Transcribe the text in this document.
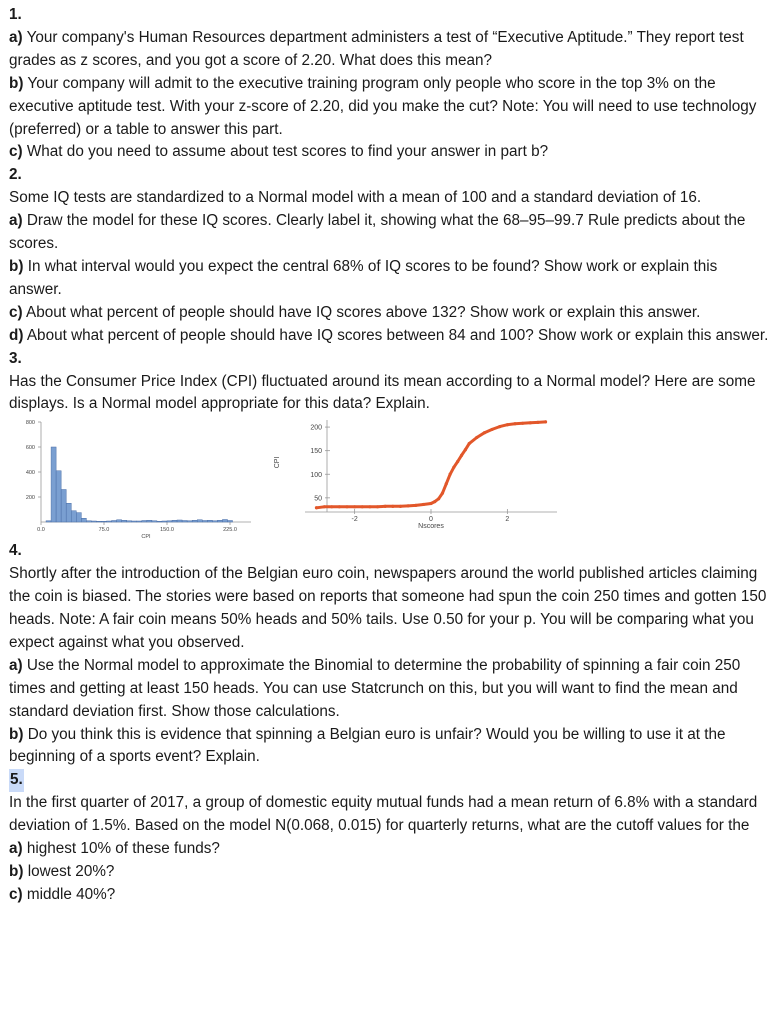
1.

a) Your company's Human Resources department administers a test of “Executive Aptitude.” They report test grades as z scores, and you got a score of 2.20. What does this mean?

b) Your company will admit to the executive training program only people who score in the top 3% on the executive aptitude test. With your z-score of 2.20, did you make the cut? Note: You will need to use technology (preferred) or a table to answer this part.

c) What do you need to assume about test scores to find your answer in part b?

2.

Some IQ tests are standardized to a Normal model with a mean of 100 and a standard deviation of 16.

a) Draw the model for these IQ scores. Clearly label it, showing what the 68–95–99.7 Rule predicts about the scores.

b) In what interval would you expect the central 68% of IQ scores to be found? Show work or explain this answer.

c) About what percent of people should have IQ scores above 132? Show work or explain this answer.

d) About what percent of people should have IQ scores between 84 and 100? Show work or explain this answer.

3.

Has the Consumer Price Index (CPI) fluctuated around its mean according to a Normal model? Here are some displays. Is a Normal model appropriate for this data? Explain.

200
400
600
800
0.0	75.0	150.0	225.0
CPI
50
100
150
200
CPI
-2	0	2
Nscores

4.

Shortly after the introduction of the Belgian euro coin, newspapers around the world published articles claiming the coin is biased. The stories were based on reports that someone had spun the coin 250 times and gotten 150 heads. Note: A fair coin means 50% heads and 50% tails. Use 0.50 for your p. You will be comparing what you expect against what you observed.

a) Use the Normal model to approximate the Binomial to determine the probability of spinning a fair coin 250 times and getting at least 150 heads. You can use Statcrunch on this, but you will want to find the mean and standard deviation first. Show those calculations.

b) Do you think this is evidence that spinning a Belgian euro is unfair? Would you be willing to use it at the beginning of a sports event? Explain.

5.

In the first quarter of 2017, a group of domestic equity mutual funds had a mean return of 6.8% with a standard deviation of 1.5%. Based on the model N(0.068, 0.015) for quarterly returns, what are the cutoff values for the

a) highest 10% of these funds?

b) lowest 20%?

c) middle 40%?
